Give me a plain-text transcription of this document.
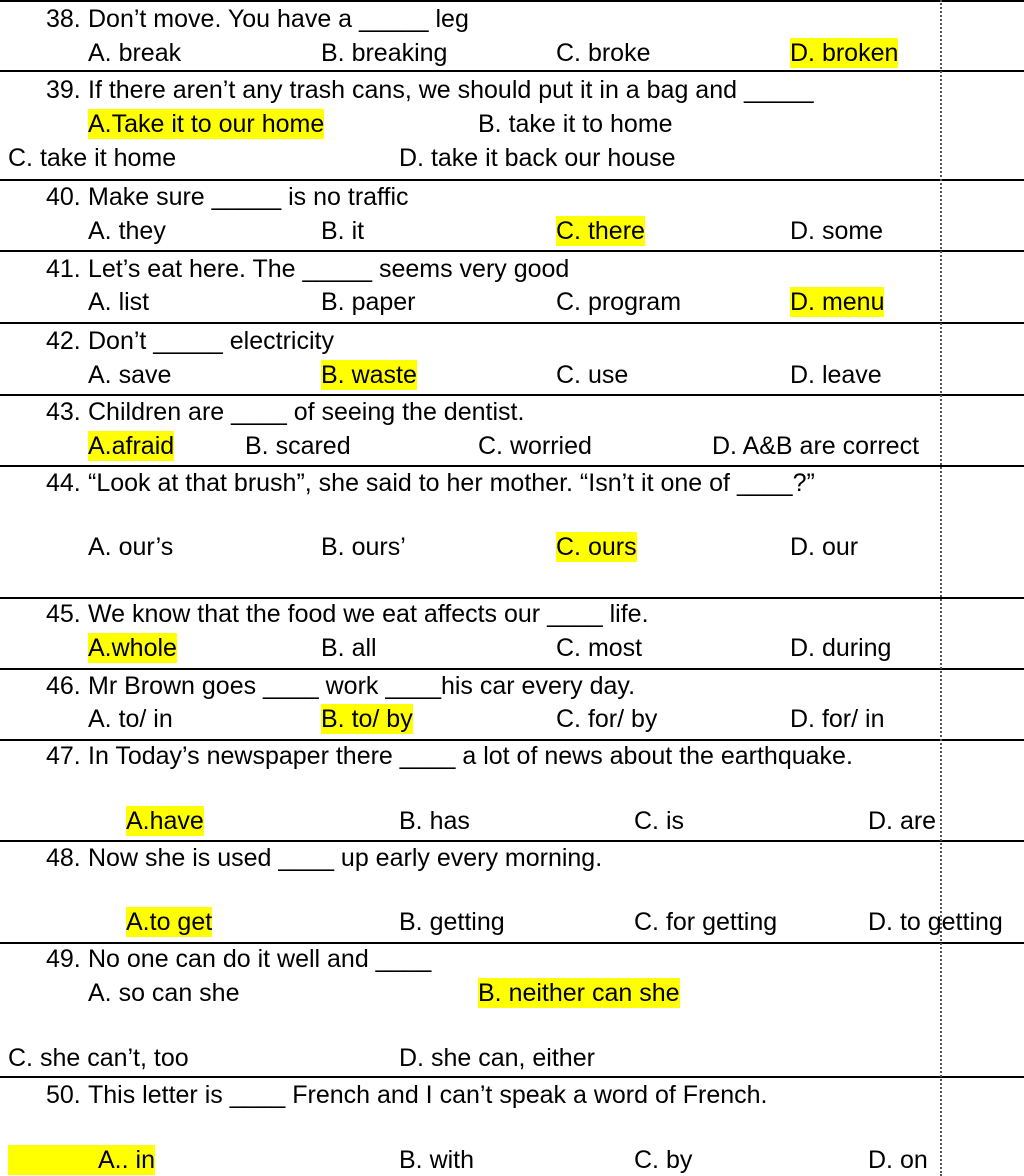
38. Don’t move. You have a _____ leg
A. break	B. breaking	C. broke	D. broken
39. If there aren’t any trash cans, we should put it in a bag and _____
A.Take it to our home	B. take it to home
C. take it home	D. take it back our house
40. Make sure _____ is no traffic
A. they	B. it	C. there	D. some
41. Let’s eat here. The _____ seems very good
A. list	B. paper	C. program	D. menu
42. Don’t _____ electricity
A. save	B. waste	C. use	D. leave
43. Children are ____ of seeing the dentist.
A.afraid	B. scared	C. worried	D. A&B are correct
44. “Look at that brush”, she said to her mother. “Isn’t it one of ____?”
A. our’s	B. ours’	C. ours	D. our
45. We know that the food we eat affects our ____ life.
A.whole	B. all	C. most	D. during
46. Mr Brown goes ____ work ____his car every day.
A. to/ in	B. to/ by	C. for/ by	D. for/ in
47. In Today’s newspaper there ____ a lot of news about the earthquake.
A.have	B. has	C. is	D. are
48. Now she is used ____ up early every morning.
A.to get	B. getting	C. for getting	D. to getting
49. No one can do it well and ____
A. so can she	B. neither can she
C. she can’t, too	D. she can, either
50. This letter is ____ French and I can’t speak a word of French.
A.. in	B. with	C. by	D. on
